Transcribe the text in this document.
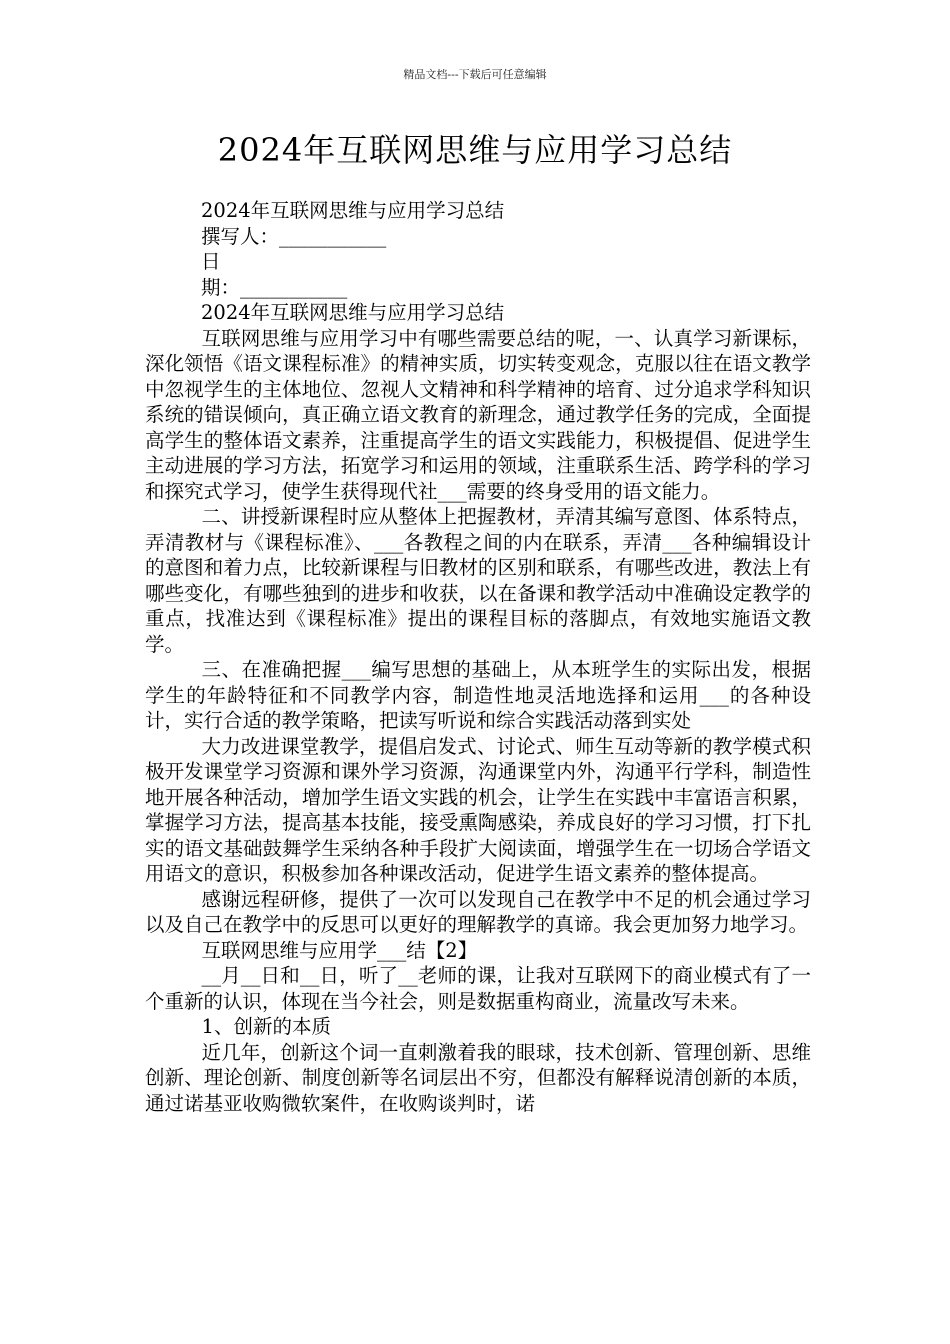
精品文档---下载后可任意编辑
2024年互联网思维与应用学习总结
2024年互联网思维与应用学习总结
撰写人：___________
日
期：___________
2024年互联网思维与应用学习总结

互联网思维与应用学习中有哪些需要总结的呢，一、认真学习新课标，深化领悟《语文课程标准》的精神实质，切实转变观念，克服以往在语文教学中忽视学生的主体地位、忽视人文精神和科学精神的培育、过分追求学科知识系统的错误倾向，真正确立语文教育的新理念，通过教学任务的完成，全面提高学生的整体语文素养，注重提高学生的语文实践能力，积极提倡、促进学生主动进展的学习方法，拓宽学习和运用的领域，注重联系生活、跨学科的学习和探究式学习，使学生获得现代社___需要的终身受用的语文能力。

二、讲授新课程时应从整体上把握教材，弄清其编写意图、体系特点，弄清教材与《课程标准》、___各教程之间的内在联系，弄清___各种编辑设计的意图和着力点，比较新课程与旧教材的区别和联系，有哪些改进，教法上有哪些变化，有哪些独到的进步和收获，以在备课和教学活动中准确设定教学的重点，找准达到《课程标准》提出的课程目标的落脚点，有效地实施语文教学。

三、在准确把握___编写思想的基础上，从本班学生的实际出发，根据学生的年龄特征和不同教学内容，制造性地灵活地选择和运用___的各种设计，实行合适的教学策略，把读写听说和综合实践活动落到实处

大力改进课堂教学，提倡启发式、讨论式、师生互动等新的教学模式积极开发课堂学习资源和课外学习资源，沟通课堂内外，沟通平行学科，制造性地开展各种活动，增加学生语文实践的机会，让学生在实践中丰富语言积累，掌握学习方法，提高基本技能，接受熏陶感染，养成良好的学习习惯，打下扎实的语文基础鼓舞学生采纳各种手段扩大阅读面，增强学生在一切场合学语文用语文的意识，积极参加各种课改活动，促进学生语文素养的整体提高。

感谢远程研修，提供了一次可以发现自己在教学中不足的机会通过学习以及自己在教学中的反思可以更好的理解教学的真谛。我会更加努力地学习。

互联网思维与应用学___结【2】

__月__日和__日，听了__老师的课，让我对互联网下的商业模式有了一个重新的认识，体现在当今社会，则是数据重构商业，流量改写未来。

1、创新的本质

近几年，创新这个词一直刺激着我的眼球，技术创新、管理创新、思维创新、理论创新、制度创新等名词层出不穷，但都没有解释说清创新的本质，通过诺基亚收购微软案件，在收购谈判时，诺
